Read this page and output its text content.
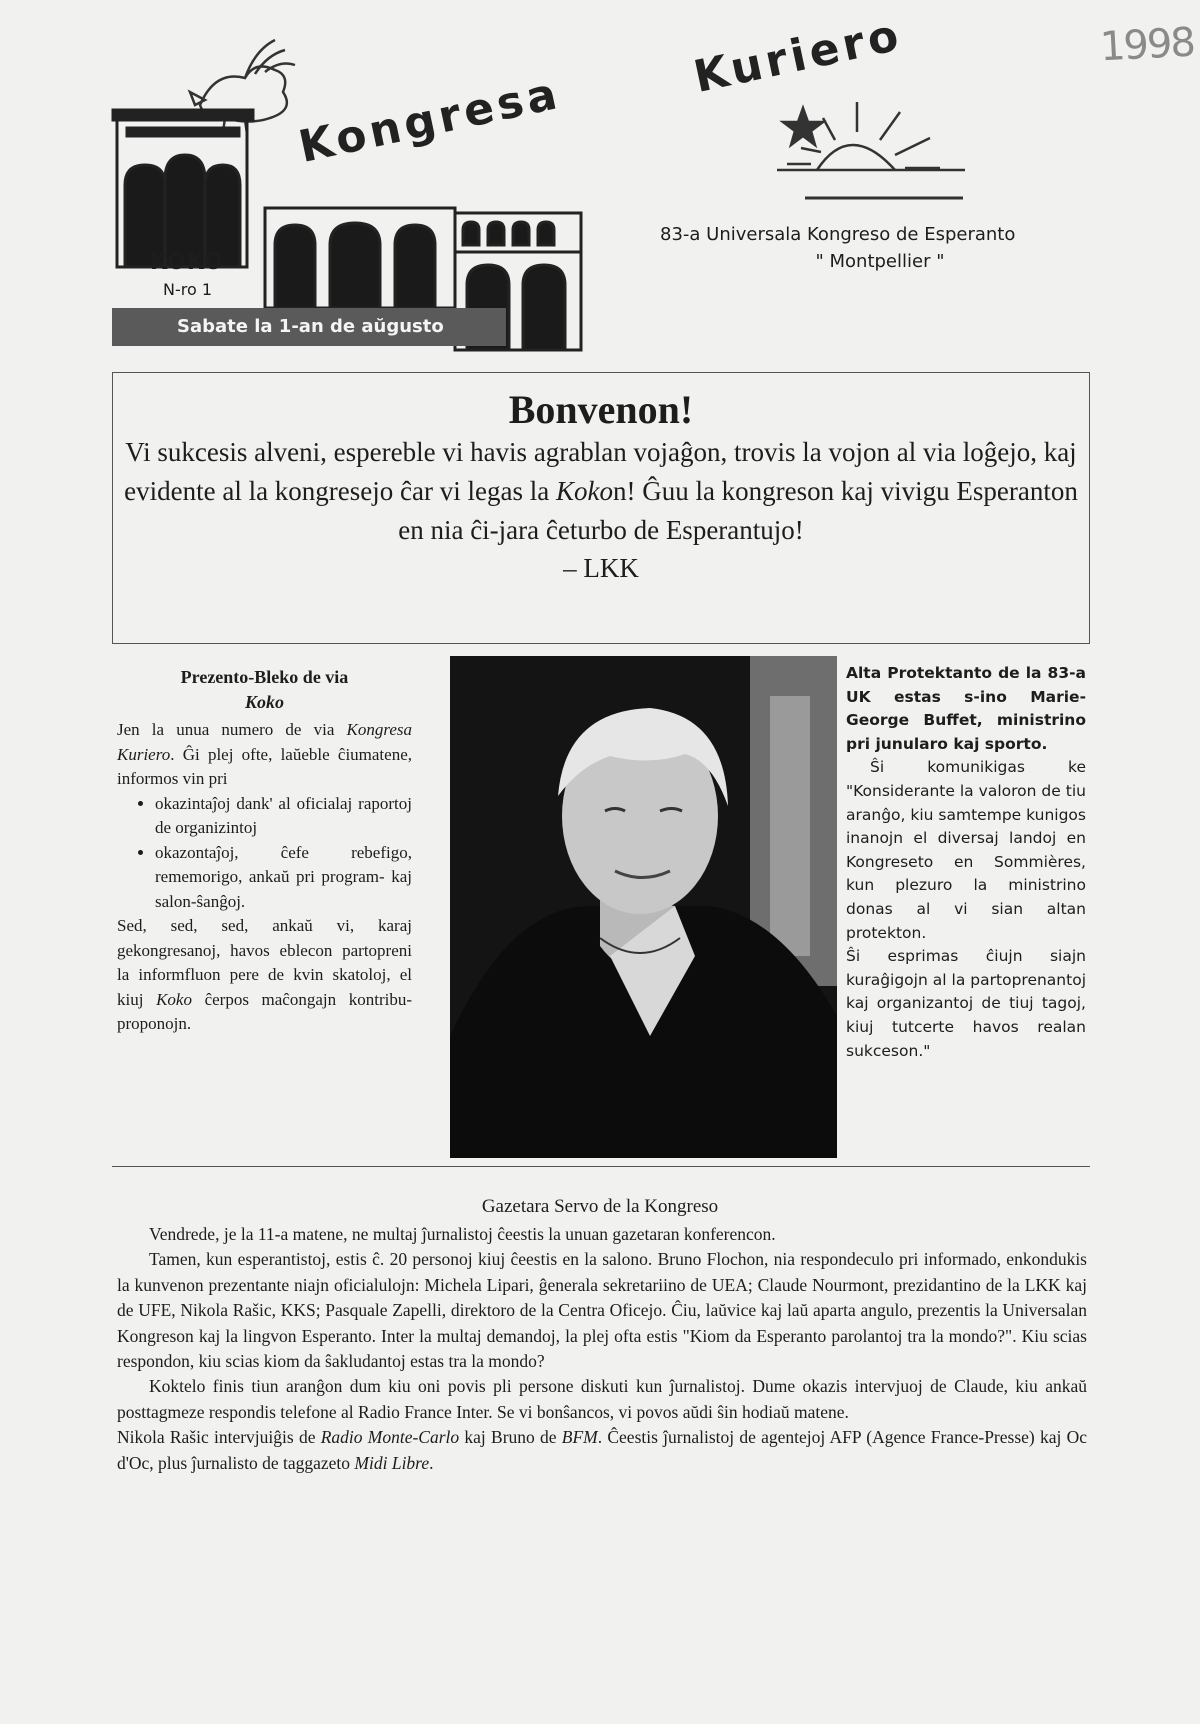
1998
Kongresa
Kuriero
KOKO
N-ro 1
Sabate la 1-an de aŭgusto
83-a Universala Kongreso de Esperanto
" Montpellier "
Bonvenon!
Vi sukcesis alveni, espereble vi havis agrablan vojaĝon, trovis la vojon al via loĝejo, kaj evidente al la kongresejo ĉar vi legas la Kokon! Ĝuu la kongreson kaj vivigu Esperanton en nia ĉi-jara ĉeturbo de Esperantujo!
– LKK
Prezento-Bleko de via
Koko
Jen la unua numero de via Kongresa Kuriero. Ĝi plej ofte, laŭeble ĉiumatene, informos vin pri
• okazintaĵoj dank' al oficialaj raportoj de organizintoj
• okazontaĵoj, ĉefe rebefigo, rememorigo, ankaŭ pri program- kaj salon-ŝanĝoj.
Sed, sed, sed, ankaŭ vi, karaj gekongresanoj, havos eblecon partopreni la informfluon pere de kvin skatoloj, el kiuj Koko ĉerpos maĉongajn kontribu-proponojn.

Alta Protektanto de la 83-a UK estas s-ino Marie-George Buffet, ministrino pri junularo kaj sporto.

Ŝi komunikigas ke "Konsiderante la valoron de tiu aranĝo, kiu samtempe kunigos inanojn el diversaj landoj en Kongreseto en Sommières, kun plezuro la ministrino donas al vi sian altan protekton.

Ŝi esprimas ĉiujn siajn kuraĝigojn al la partoprenantoj kaj organizantoj de tiuj tagoj, kiuj tutcerte havos realan sukceson."

Gazetara Servo de la Kongreso

Vendrede, je la 11-a matene, ne multaj ĵurnalistoj ĉeestis la unuan gazetaran konferencon.

Tamen, kun esperantistoj, estis ĉ. 20 personoj kiuj ĉeestis en la salono. Bruno Flochon, nia respondeculo pri informado, enkondukis la kunvenon prezentante niajn oficialulojn: Michela Lipari, ĝenerala sekretariino de UEA; Claude Nourmont, prezidantino de la LKK kaj de UFE, Nikola Rašic, KKS; Pasquale Zapelli, direktoro de la Centra Oficejo. Ĉiu, laŭvice kaj laŭ aparta angulo, prezentis la Universalan Kongreson kaj la lingvon Esperanto. Inter la multaj demandoj, la plej ofta estis "Kiom da Esperanto parolantoj tra la mondo?". Kiu scias respondon, kiu scias kiom da ŝakludantoj estas tra la mondo?

Koktelo finis tiun aranĝon dum kiu oni povis pli persone diskuti kun ĵurnalistoj. Dume okazis intervjuoj de Claude, kiu ankaŭ posttagmeze respondis telefone al Radio France Inter. Se vi bonŝancos, vi povos aŭdi ŝin hodiaŭ matene.

Nikola Rašic intervjuiĝis de Radio Monte-Carlo kaj Bruno de BFM. Ĉeestis ĵurnalistoj de agentejoj AFP (Agence France-Presse) kaj Oc d'Oc, plus ĵurnalisto de taggazeto Midi Libre.
